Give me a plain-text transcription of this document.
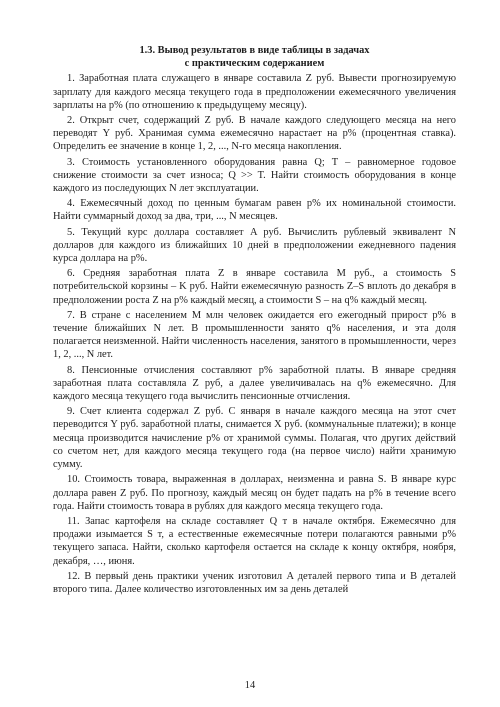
1.3. Вывод результатов в виде таблицы в задачах
с практическим содержанием

1. Заработная плата служащего в январе составила Z руб. Вывести прогнозируемую зарплату для каждого месяца текущего года в предположении ежемесячного увеличения зарплаты на p% (по отношению к предыдущему месяцу).

2. Открыт счет, содержащий Z руб. В начале каждого следующего месяца на него переводят Y руб. Хранимая сумма ежемесячно нарастает на p% (процентная ставка). Определить ее значение в конце 1, 2, ..., N-го месяца накопления.

3. Стоимость установленного оборудования равна Q; T – равномерное годовое снижение стоимости за счет износа; Q >> T. Найти стоимость оборудования в конце каждого из последующих N лет эксплуатации.

4. Ежемесячный доход по ценным бумагам равен p% их номинальной стоимости. Найти суммарный доход за два, три, ..., N месяцев.

5. Текущий курс доллара составляет A руб. Вычислить рублевый эквивалент N долларов для каждого из ближайших 10 дней в предположении ежедневного падения курса доллара на p%.

6. Средняя заработная плата Z в январе составила M руб., а стоимость S потребительской корзины – K руб. Найти ежемесячную разность Z–S вплоть до декабря в предположении роста Z на p% каждый месяц, а стоимости S – на q% каждый месяц.

7. В стране с населением M млн человек ожидается его ежегодный прирост p% в течение ближайших N лет. В промышленности занято q% населения, и эта доля полагается неизменной. Найти численность населения, занятого в промышленности, через 1, 2, ..., N лет.

8. Пенсионные отчисления составляют p% заработной платы. В январе средняя заработная плата составляла Z руб, а далее увеличивалась на q% ежемесячно. Для каждого месяца текущего года вычислить пенсионные отчисления.

9. Счет клиента содержал Z руб. С января в начале каждого месяца на этот счет переводится Y руб. заработной платы, снимается X руб. (коммунальные платежи); в конце месяца производится начисление p% от хранимой суммы. Полагая, что других действий со счетом нет, для каждого месяца текущего года (на первое число) найти хранимую сумму.

10. Стоимость товара, выраженная в долларах, неизменна и равна S. В январе курс доллара равен Z руб. По прогнозу, каждый месяц он будет падать на p% в течение всего года. Найти стоимость товара в рублях для каждого месяца текущего года.

11. Запас картофеля на складе составляет Q т в начале октября. Ежемесячно для продажи изымается S т, а естественные ежемесячные потери полагаются равными p% текущего запаса. Найти, сколько картофеля остается на складе к концу октября, ноября, декабря, …, июня.

12. В первый день практики ученик изготовил A деталей первого типа и B деталей второго типа. Далее количество изготовленных им за день деталей

14
